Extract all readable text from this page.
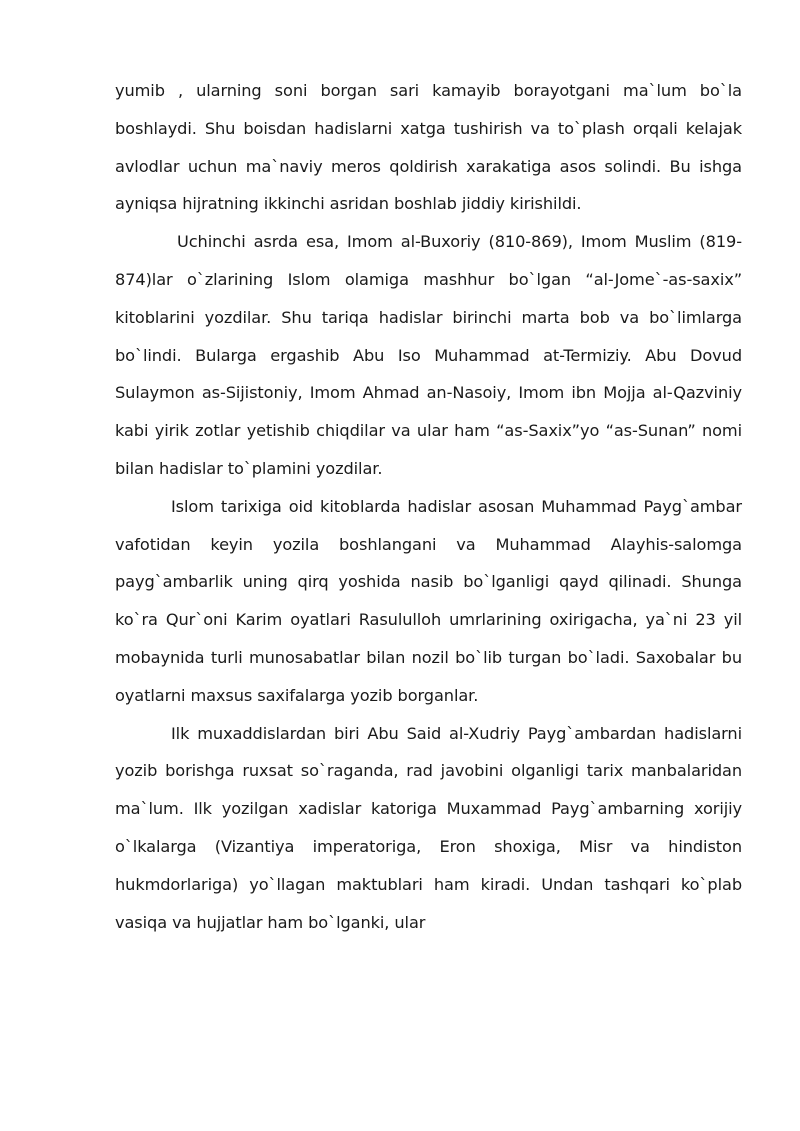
yumib , ularning soni borgan sari kamayib borayotgani ma`lum bo`la boshlaydi. Shu boisdan hadislarni xatga tushirish va to`plash orqali kelajak avlodlar uchun ma`naviy meros qoldirish xarakatiga asos solindi. Bu ishga ayniqsa hijratning ikkinchi asridan boshlab jiddiy kirishildi.

Uchinchi asrda esa, Imom al-Buxoriy (810-869), Imom Muslim (819-874)lar o`zlarining Islom olamiga mashhur bo`lgan “al-Jome`-as-saxix” kitoblarini yozdilar. Shu tariqa hadislar birinchi marta bob va bo`limlarga bo`lindi. Bularga ergashib Abu Iso Muhammad at-Termiziy. Abu Dovud Sulaymon as-Sijistoniy, Imom Ahmad an-Nasoiy, Imom ibn Mojja al-Qazviniy kabi yirik zotlar yetishib chiqdilar va ular ham “as-Saxix”yo “as-Sunan” nomi bilan hadislar to`plamini yozdilar.

Islom tarixiga oid kitoblarda hadislar asosan Muhammad Payg`ambar vafotidan keyin yozila boshlangani va Muhammad Alayhis-salomga payg`ambarlik uning qirq yoshida nasib bo`lganligi qayd qilinadi. Shunga ko`ra Qur`oni Karim oyatlari Rasululloh umrlarining oxirigacha, ya`ni 23 yil mobaynida turli munosabatlar bilan nozil bo`lib turgan bo`ladi. Saxobalar bu oyatlarni maxsus saxifalarga yozib borganlar.

Ilk muxaddislardan biri Abu Said al-Xudriy Payg`ambardan hadislarni yozib borishga ruxsat so`raganda, rad javobini olganligi tarix manbalaridan ma`lum. Ilk yozilgan xadislar katoriga Muxammad Payg`ambarning xorijiy o`lkalarga (Vizantiya imperatoriga, Eron shoxiga, Misr va hindiston hukmdorlariga) yo`llagan maktublari ham kiradi. Undan tashqari ko`plab vasiqa va hujjatlar ham bo`lganki, ular
